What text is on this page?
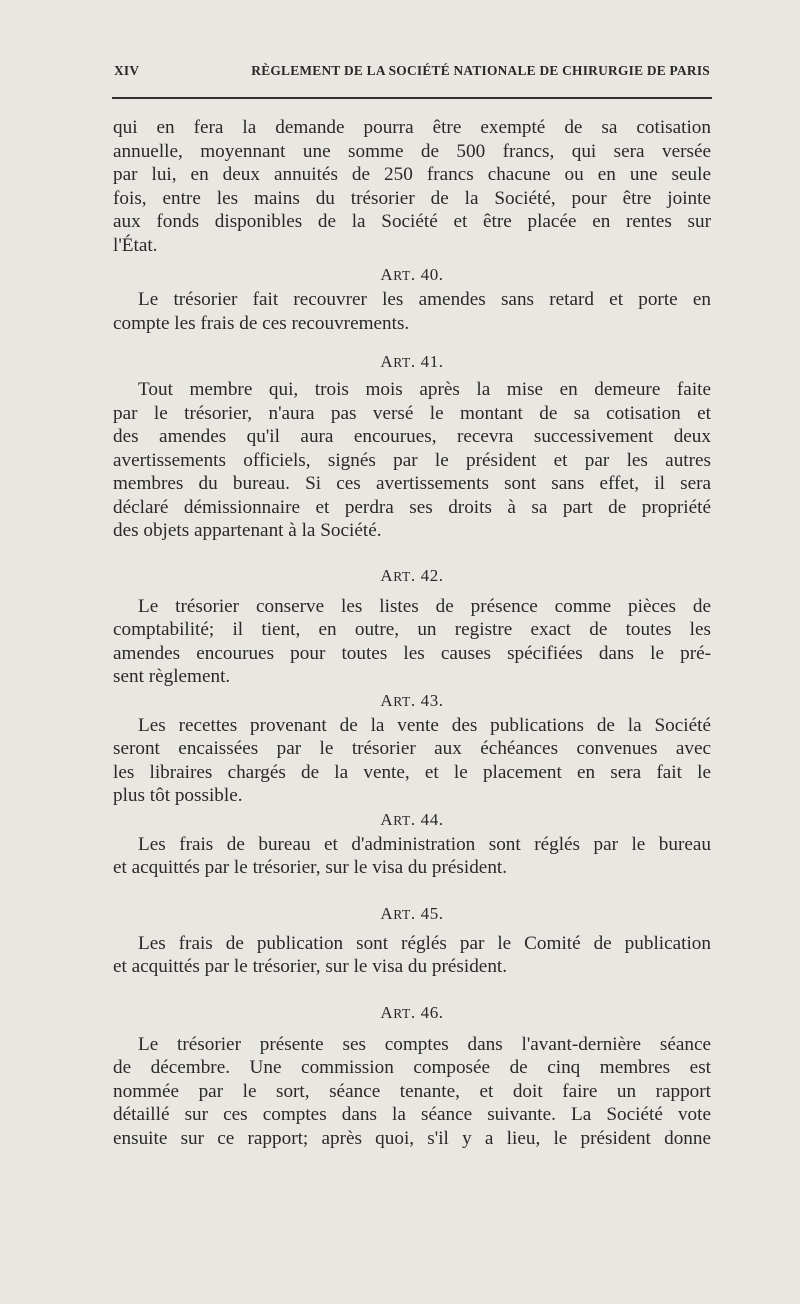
XIV	RÈGLEMENT DE LA SOCIÉTÉ NATIONALE DE CHIRURGIE DE PARIS
qui en fera la demande pourra être exempté de sa cotisation
annuelle, moyennant une somme de 500 francs, qui sera versée
par lui, en deux annuités de 250 francs chacune ou en une seule
fois, entre les mains du trésorier de la Société, pour être jointe
aux fonds disponibles de la Société et être placée en rentes sur
l'État.
ART. 40.
Le trésorier fait recouvrer les amendes sans retard et porte en
compte les frais de ces recouvrements.
ART. 41.
Tout membre qui, trois mois après la mise en demeure faite
par le trésorier, n'aura pas versé le montant de sa cotisation et
des amendes qu'il aura encourues, recevra successivement deux
avertissements officiels, signés par le président et par les autres
membres du bureau. Si ces avertissements sont sans effet, il sera
déclaré démissionnaire et perdra ses droits à sa part de propriété
des objets appartenant à la Société.
ART. 42.
Le trésorier conserve les listes de présence comme pièces de
comptabilité; il tient, en outre, un registre exact de toutes les
amendes encourues pour toutes les causes spécifiées dans le pré-
sent règlement.
ART. 43.
Les recettes provenant de la vente des publications de la Société
seront encaissées par le trésorier aux échéances convenues avec
les libraires chargés de la vente, et le placement en sera fait le
plus tôt possible.
ART. 44.
Les frais de bureau et d'administration sont réglés par le bureau
et acquittés par le trésorier, sur le visa du président.
ART. 45.
Les frais de publication sont réglés par le Comité de publication
et acquittés par le trésorier, sur le visa du président.
ART. 46.
Le trésorier présente ses comptes dans l'avant-dernière séance
de décembre. Une commission composée de cinq membres est
nommée par le sort, séance tenante, et doit faire un rapport
détaillé sur ces comptes dans la séance suivante. La Société vote
ensuite sur ce rapport; après quoi, s'il y a lieu, le président donne
